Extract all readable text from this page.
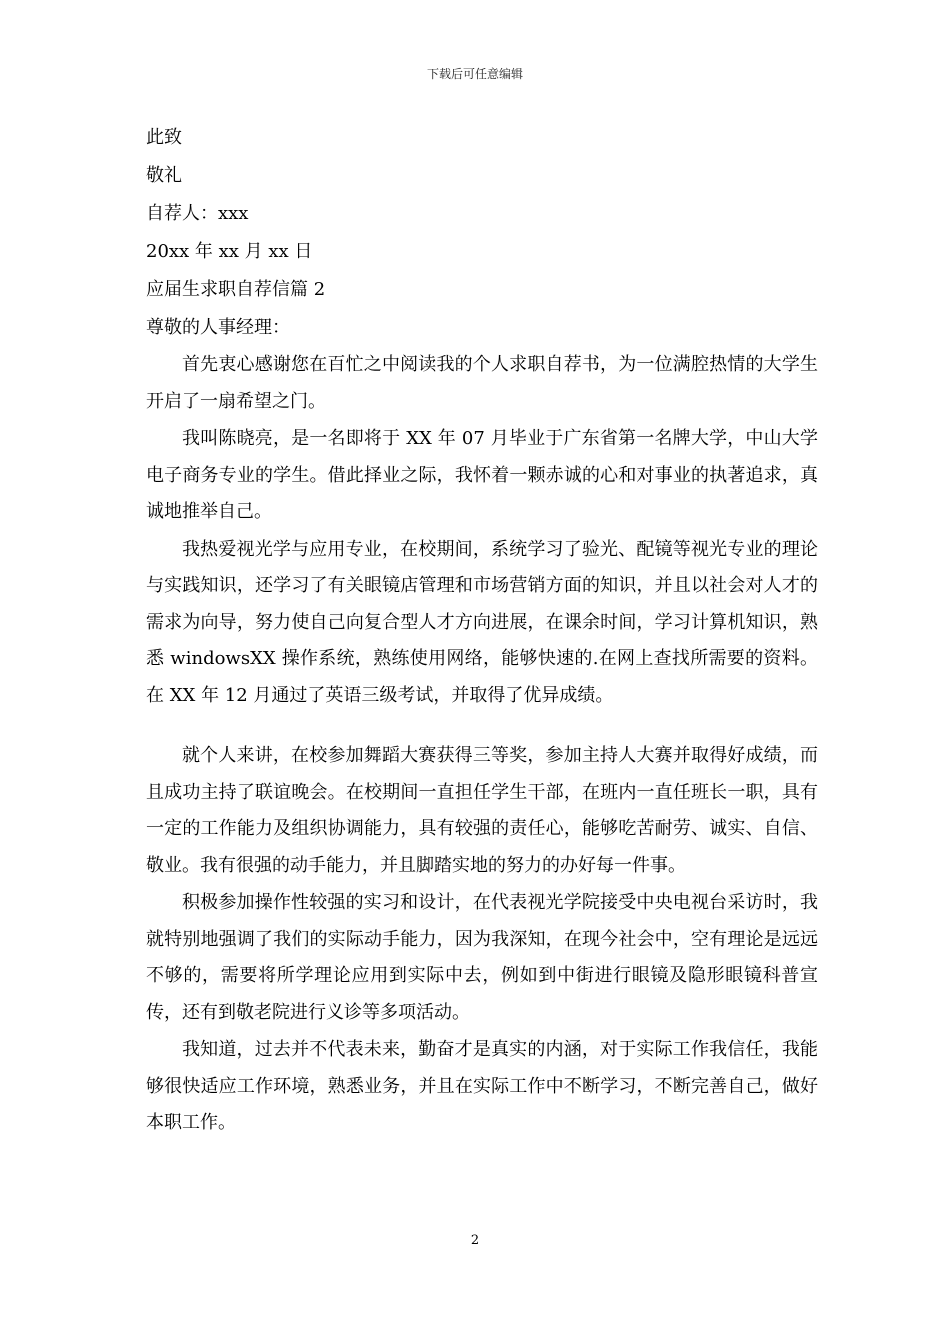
下载后可任意编辑

此致

敬礼

自荐人：xxx

20xx 年 xx 月 xx 日

应届生求职自荐信篇 2

尊敬的人事经理：

首先衷心感谢您在百忙之中阅读我的个人求职自荐书，为一位满腔热情的大学生开启了一扇希望之门。

我叫陈晓亮，是一名即将于 XX 年 07 月毕业于广东省第一名牌大学，中山大学电子商务专业的学生。借此择业之际，我怀着一颗赤诚的心和对事业的执著追求，真诚地推举自己。

我热爱视光学与应用专业，在校期间，系统学习了验光、配镜等视光专业的理论与实践知识，还学习了有关眼镜店管理和市场营销方面的知识，并且以社会对人才的需求为向导，努力使自己向复合型人才方向进展，在课余时间，学习计算机知识，熟悉 windowsXX 操作系统，熟练使用网络，能够快速的.在网上查找所需要的资料。在 XX 年 12 月通过了英语三级考试，并取得了优异成绩。

就个人来讲，在校参加舞蹈大赛获得三等奖，参加主持人大赛并取得好成绩，而且成功主持了联谊晚会。在校期间一直担任学生干部，在班内一直任班长一职，具有一定的工作能力及组织协调能力，具有较强的责任心，能够吃苦耐劳、诚实、自信、敬业。我有很强的动手能力，并且脚踏实地的努力的办好每一件事。

积极参加操作性较强的实习和设计，在代表视光学院接受中央电视台采访时，我就特别地强调了我们的实际动手能力，因为我深知，在现今社会中，空有理论是远远不够的，需要将所学理论应用到实际中去，例如到中街进行眼镜及隐形眼镜科普宣传，还有到敬老院进行义诊等多项活动。

我知道，过去并不代表未来，勤奋才是真实的内涵，对于实际工作我信任，我能够很快适应工作环境，熟悉业务，并且在实际工作中不断学习，不断完善自己，做好本职工作。

2
